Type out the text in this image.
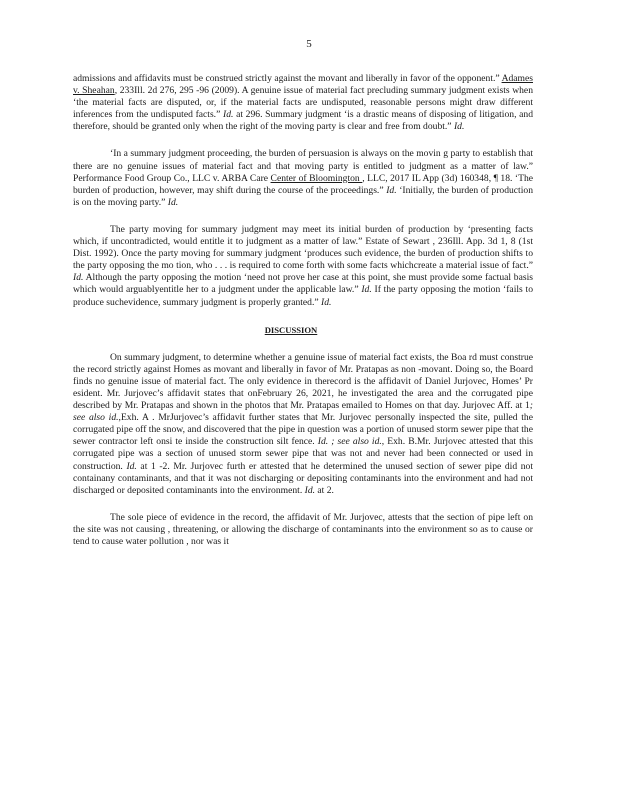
5

admissions and affidavits must be construed strictly against the movant and liberally in favor of the opponent.” Adames v. Sheahan, 233Ill. 2d 276, 295 -96 (2009). A genuine issue of material fact precluding summary judgment exists when ‘the material facts are disputed, or, if the material facts are undisputed, reasonable persons might draw different inferences from the undisputed facts.” Id. at 296. Summary judgment ‘is a drastic means of disposing of litigation, and therefore, should be granted only when the right of the moving party is clear and free from doubt.” Id.

‘In a summary judgment proceeding, the burden of persuasion is always on the movin g party to establish that there are no genuine issues of material fact and that moving party is entitled to judgment as a matter of law.” Performance Food Group Co., LLC v. ARBA Care Center of Bloomington , LLC, 2017 IL App (3d) 160348, ¶ 18. ‘The burden of production, however, may shift during the course of the proceedings.” Id. ‘Initially, the burden of production is on the moving party.” Id.

The party moving for summary judgment may meet its initial burden of production by ‘presenting facts which, if uncontradicted, would entitle it to judgment as a matter of law.” Estate of Sewart , 236Ill. App. 3d 1, 8 (1st Dist. 1992). Once the party moving for summary judgment ‘produces such evidence, the burden of production shifts to the party opposing the mo tion, who . . . is required to come forth with some facts whichcreate a material issue of fact.” Id. Although the party opposing the motion ‘need not prove her case at this point, she must provide some factual basis which would arguablyentitle her to a judgment under the applicable law.” Id. If the party opposing the motion ‘fails to produce suchevidence, summary judgment is properly granted.” Id.

DISCUSSION

On summary judgment, to determine whether a genuine issue of material fact exists, the Boa rd must construe the record strictly against Homes as movant and liberally in favor of Mr. Pratapas as non -movant. Doing so, the Board finds no genuine issue of material fact. The only evidence in therecord is the affidavit of Daniel Jurjovec, Homes’ Pr esident. Mr. Jurjovec’s affidavit states that onFebruary 26, 2021, he investigated the area and the corrugated pipe described by Mr. Pratapas and shown in the photos that Mr. Pratapas emailed to Homes on that day. Jurjovec Aff. at 1; see also id.,Exh. A . MrJurjovec’s affidavit further states that Mr. Jurjovec personally inspected the site, pulled the corrugated pipe off the snow, and discovered that the pipe in question was a portion of unused storm sewer pipe that the sewer contractor left onsi te inside the construction silt fence. Id. ; see also id., Exh. B.Mr. Jurjovec attested that this corrugated pipe was a section of unused storm sewer pipe that was not and never had been connected or used in construction. Id. at 1 -2. Mr. Jurjovec furth er attested that he determined the unused section of sewer pipe did not containany contaminants, and that it was not discharging or depositing contaminants into the environment and had not discharged or deposited contaminants into the environment. Id. at 2.

The sole piece of evidence in the record, the affidavit of Mr. Jurjovec, attests that the section of pipe left on the site was not causing , threatening, or allowing the discharge of contaminants into the environment so as to cause or tend to cause water pollution , nor was it
